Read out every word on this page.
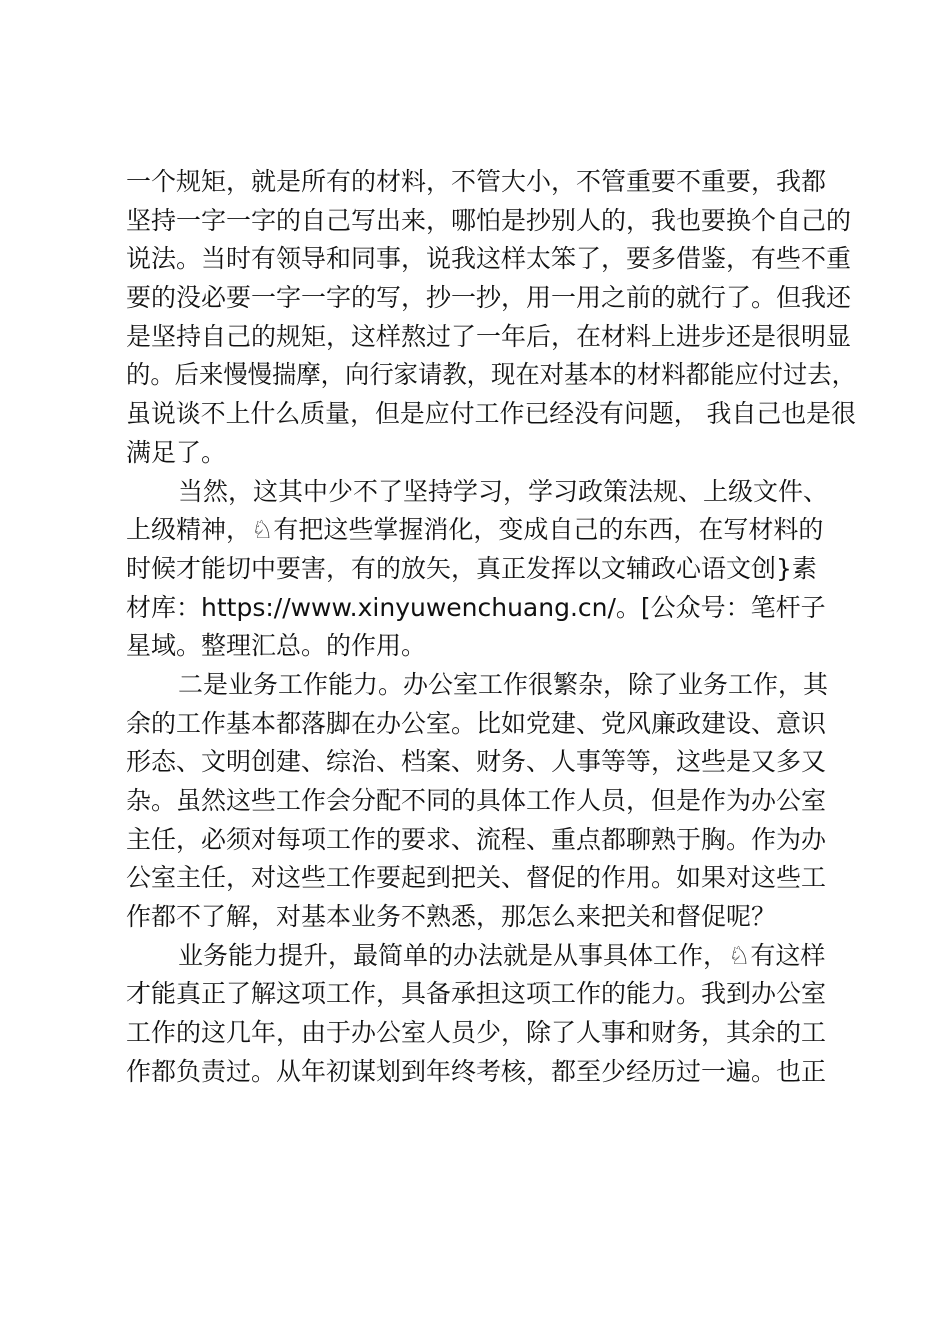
一个规矩，就是所有的材料，不管大小，不管重要不重要，我都
坚持一字一字的自己写出来，哪怕是抄别人的，我也要换个自己的
说法。当时有领导和同事，说我这样太笨了，要多借鉴，有些不重
要的没必要一字一字的写，抄一抄，用一用之前的就行了。但我还
是坚持自己的规矩，这样熬过了一年后，在材料上进步还是很明显
的。后来慢慢揣摩，向行家请教，现在对基本的材料都能应付过去，
虽说谈不上什么质量，但是应付工作已经没有问题， 我自己也是很
满足了。
当然，这其中少不了坚持学习，学习政策法规、上级文件、
上级精神，♘有把这些掌握消化，变成自己的东西，在写材料的
时候才能切中要害，有的放矢，真正发挥以文辅政心语文创}素
材库：https://www.xinyuwenchuang.cn/。[公众号：笔杆子
星域。整理汇总。的作用。
二是业务工作能力。办公室工作很繁杂，除了业务工作，其
余的工作基本都落脚在办公室。比如党建、党风廉政建设、意识
形态、文明创建、综治、档案、财务、人事等等，这些是又多又
杂。虽然这些工作会分配不同的具体工作人员，但是作为办公室
主任，必须对每项工作的要求、流程、重点都聊熟于胸。作为办
公室主任，对这些工作要起到把关、督促的作用。如果对这些工
作都不了解，对基本业务不熟悉，那怎么来把关和督促呢？
业务能力提升，最简单的办法就是从事具体工作，♘有这样
才能真正了解这项工作，具备承担这项工作的能力。我到办公室
工作的这几年，由于办公室人员少，除了人事和财务，其余的工
作都负责过。从年初谋划到年终考核，都至少经历过一遍。也正
